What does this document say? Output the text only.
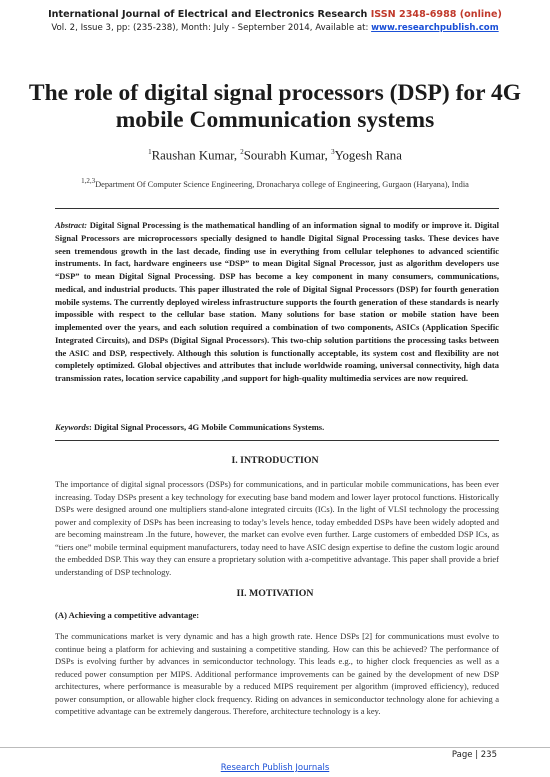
International Journal of Electrical and Electronics Research ISSN 2348-6988 (online)
Vol. 2, Issue 3, pp: (235-238), Month: July - September 2014, Available at: www.researchpublish.com
The role of digital signal processors (DSP) for 4G mobile Communication systems
$^1$Raushan Kumar, $^2$Sourabh Kumar, $^3$Yogesh Rana
$^{1,2,3}$Department Of Computer Science Engineering, Dronacharya college of Engineering, Gurgaon (Haryana), India

Abstract: Digital Signal Processing is the mathematical handling of an information signal to modify or improve it. Digital Signal Processors are microprocessors specially designed to handle Digital Signal Processing tasks. These devices have seen tremendous growth in the last decade, finding use in everything from cellular telephones to advanced scientific instruments. In fact, hardware engineers use “DSP” to mean Digital Signal Processor, just as algorithm developers use “DSP” to mean Digital Signal Processing. DSP has become a key component in many consumers, communications, medical, and industrial products. This paper illustrated the role of Digital Signal Processors (DSP) for fourth generation mobile systems. The currently deployed wireless infrastructure supports the fourth generation of these standards is nearly impossible with respect to the cellular base station. Many solutions for base station or mobile station have been implemented over the years, and each solution required a combination of two components, ASICs (Application Specific Integrated Circuits), and DSPs (Digital Signal Processors). This two-chip solution partitions the processing tasks between the ASIC and DSP, respectively. Although this solution is functionally acceptable, its system cost and flexibility are not completely optimized. Global objectives and attributes that include worldwide roaming, universal connectivity, high data transmission rates, location service capability ,and support for high-quality multimedia services are now required.

Keywords: Digital Signal Processors, 4G Mobile Communications Systems.

I. INTRODUCTION

The importance of digital signal processors (DSPs) for communications, and in particular mobile communications, has been ever increasing. Today DSPs present a key technology for executing base band modem and lower layer protocol functions. Historically DSPs were designed around one multipliers stand-alone integrated circuits (ICs). In the light of VLSI technology the processing power and complexity of DSPs has been increasing to today’s levels hence, today embedded DSPs have been widely adopted and are becoming mainstream .In the future, however, the market can evolve even further. Large customers of embedded DSP ICs, as “tiers one” mobile terminal equipment manufacturers, today need to have ASIC design expertise to define the custom logic around the embedded DSP. This way they can ensure a proprietary solution with a-competitive advantage. This paper shall provide a brief understanding of DSP technology.

II. MOTIVATION
(A) Achieving a competitive advantage:

The communications market is very dynamic and has a high growth rate. Hence DSPs [2] for communications must evolve to continue being a platform for achieving and sustaining a competitive standing. How can this be achieved? The performance of DSPs is evolving further by advances in semiconductor technology. This leads e.g., to higher clock frequencies as well as a reduced power consumption per MIPS. Additional performance improvements can be gained by the development of new DSP architectures, where performance is measurable by a reduced MIPS requirement per algorithm (improved efficiency), reduced power consumption, or allowable higher clock frequency. Riding on advances in semiconductor technology alone for achieving a competitive advantage can be extremely dangerous. Therefore, architecture technology is a key.

Page | 235
Research Publish Journals
